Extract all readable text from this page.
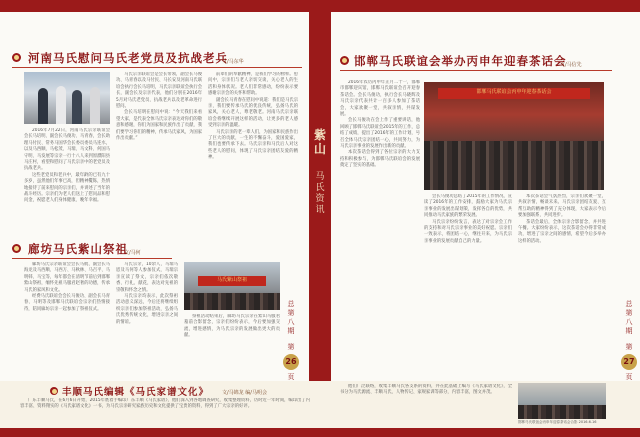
紫山
马氏资讯
总第八期
第
26
页
总第八期
第
27
页
河南马氏慰问马氏老党员及抗战老兵
文/马东华

2016年7月22日，河南马氏宗亲联谊会会长马培明、副会长马俊功、马青春，会长助理马付民、常务马国华会长委员委员马连水，以及马西顺、马松茂、马瑞、马文科、何国马守明、马发展等宗亲一行十八人来到原濮阳县马庄村，看望和慰问了马氏宗亲中的老党员及抗战老兵。

这些老党员和老兵中，最年龄的已有九十多岁，虽然他们年事已高，但精神矍铄，热情地接待了前来慰问的宗亲们，并讲述了当年的战斗经历。宗亲们为老人们送上了慰问品和慰问金，祝愿老人们身体健康、晚年幸福。

马氏宗亲联谊会是会长带领，副会长马俊功、马青春以及马付民、马长安及河南马氏联谊会执行会长马培明，马氏宗亲联谊会执行会长，副会长及宗亲代表，他们分别在2016年5月对马氏老党员、抗战老兵以及老革命进行慰问。

会长马培明在慰问中说：“今天我们来看望大家，是代表全体马氏宗亲表达对你们的敬意和感谢，你们为国家和民族作出了贡献，我们要学习你们的精神，传承马氏家风，为国家作出贡献。”

前辈们的奉献精神，是我们学习的榜样。慰问中，宗亲们与老人亲切交谈，关心老人的生活和身体状况。老人们非常感动，纷纷表示要感谢宗亲会的关怀和帮助。

副会长马青春在慰问中说道：我们是马氏宗亲，我们要传承马氏的优良传统，弘扬马氏的家风，关心老人，尊老敬老。河南马氏宗亲联谊会将继续开展这样的活动，让更多的老人感受到宗亲的温暖。

马氏宗亲的老一辈人们，为国家和民族作出了巨大的贡献，一生的不懈奋斗，爱国爱家，我们也要传承下去。马氏宗亲和马氏后人对这些老人的慰问，体现了马氏宗亲团结友爱的精神。

廊坊马氏紫山祭祖
文/马何

廊坊马氏宗亲联谊会会长马航、副会长马海龙及马西顺、马西万、马秋林、马召平、马明韩、马宝等，每年都会在清明节前后到邯郸紫山祭祖，缅怀先祖马服君赵奢的功德，传承马氏的家风和文化。

经费马氏联谊会会长马俊功、副会长马青春、马明等及邯郸马氏联谊会宗亲们热情接待，陪同廊坊宗亲一起参加了祭祖仪式。

马氏宗亲，10余人，马瑞马恩及马何等人参加仪式，马瑞宗亲宣读了祭文，宗亲们依次敬香、行礼、献花，表达对先祖的崇敬和怀念之情。

马氏宗亲均表示，此次祭祖活动意义深远，今后还将继续组织宗亲们参加祭祖活动，弘扬马氏优秀传统文化，增进宗亲之间的情谊。

马氏紫山祭祖

祭祖活动结束后，廊坊马氏宗亲在紫山马服君墓前合影留念，宗亲们纷纷表示，今后要加强交流，增进感情，为马氏宗亲的发展做出更大的贡献。

邯郸马氏联谊会举办丙申年迎春茶话会
文/马信先

2016年农历丙申年正月二十一，邯郸市邯郸迎宾馆，邯郸马氏联谊会召开迎春茶话会。会长马俊功，执行会长马晓辉及马氏宗亲代表共计一百多人参加了茶话会，大家欢聚一堂，共叙亲情，共谋发展。

会长马俊功在会上作了重要讲话，他回顾了邯郸马氏联谊会2015年的工作，总结了成绩，提出了2016年的工作计划，号召全体马氏宗亲团结一心，共同努力，为马氏宗亲事业的发展作出新的贡献。

本次茶话会得到了各位宗亲的大力支持和积极参与，为邯郸马氏联谊会的发展奠定了坚实的基础。

邯郸马氏联谊会丙申年迎春茶话会

会长马俊功总结了2015年的工作情况，宣读了2016年的工作安排，鼓励大家为马氏宗亲事业的发展出谋划策，发挥各自的优势，共同推动马氏家族的繁荣发展。

马氏宗亲纷纷发言，表达了对宗亲会工作的支持和对马氏宗亲事业的美好祝愿。宗亲们一致表示，将团结一心，继往开来，为马氏宗亲事业的发展贡献自己的力量。

本次茶话会气氛热烈，宗亲们欢聚一堂，共叙亲情，畅谈未来。马氏宗亲团结友爱、互帮互助的精神得到了充分体现，大家表示今后要加强联系，共同进步。

茶话会最后，全体宗亲合影留念，并共进午餐。大家纷纷表示，这次茶话会办得非常成功，增进了宗亲之间的感情，希望今后多举办这样的活动。

丰顺马氏编辑《马氏家谱文化》	文/马锦龙 编/马明会

广东丰顺马氏，在6月6日开始，2015年底着手编印广东丰顺《马氏家谱》，他们深入到各地调查研究，收集整理资料，历时近一年时间，编印出了内容丰富、资料翔实的《马氏家谱文化》一书，为马氏宗亲研究家族历史和文化提供了宝贵的资料，得到了广大宗亲的好评。

他们广泛联络，收集丰顺马氏各支系的资料，并在此基础上编写《马氏家谱文化》，全书分为马氏源流、丰顺马氏、人物传记、家规家训等部分，内容丰富，图文并茂。

邯郸马氏联谊会丙申年迎春茶话会合影 2016.6.16
